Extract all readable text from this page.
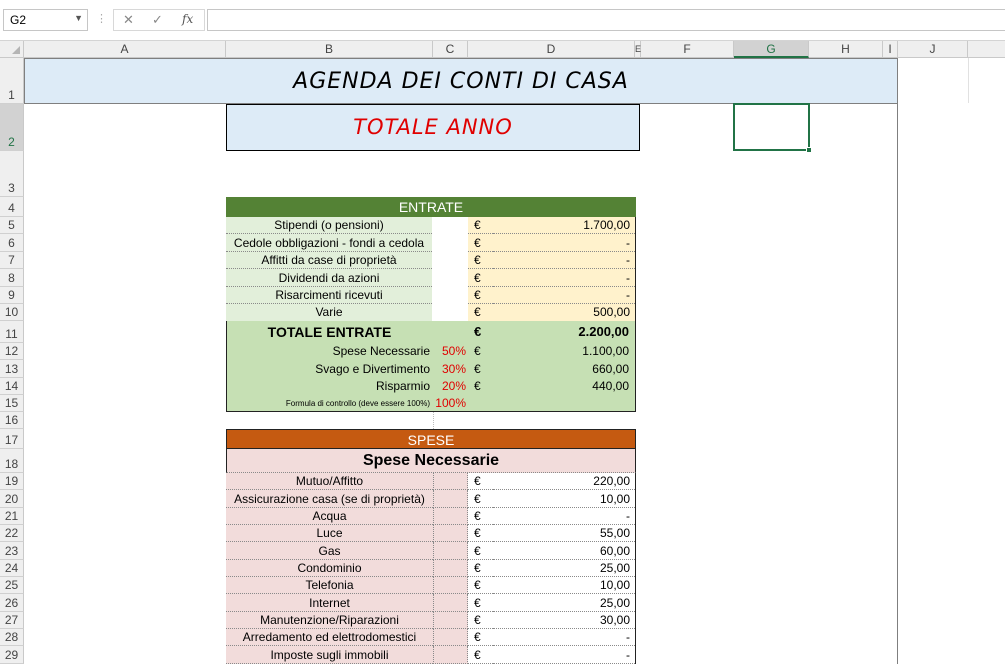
G2	▼ ⋮ ✕ ✓ fx
A	B	C	D	E	F	G	H	I	J
1
2
3
4
5
6
7
8
9
10
11
12
13
14
15
16
17
18
19
20
21
22
23
24
25
26
27
28
29
AGENDA DEI CONTI DI CASA
TOTALE ANNO
ENTRATE
Stipendi (o pensioni)	€	1.700,00
Cedole obbligazioni - fondi a cedola	€	-
Affitti da case di proprietà	€	-
Dividendi da azioni	€	-
Risarcimenti ricevuti	€	-
Varie	€	500,00
TOTALE ENTRATE	€	2.200,00
Spese Necessarie 50% €	1.100,00
Svago e Divertimento 30% €	660,00
Risparmio 20% €	440,00
Formula di controllo (deve essere 100%) 100%
SPESE
Spese Necessarie
Mutuo/Affitto	€	220,00
Assicurazione casa (se di proprietà)	€	10,00
Acqua	€	-
Luce	€	55,00
Gas	€	60,00
Condominio	€	25,00
Telefonia	€	10,00
Internet	€	25,00
Manutenzione/Riparazioni	€	30,00
Arredamento ed elettrodomestici	€	-
Imposte sugli immobili	€	-
